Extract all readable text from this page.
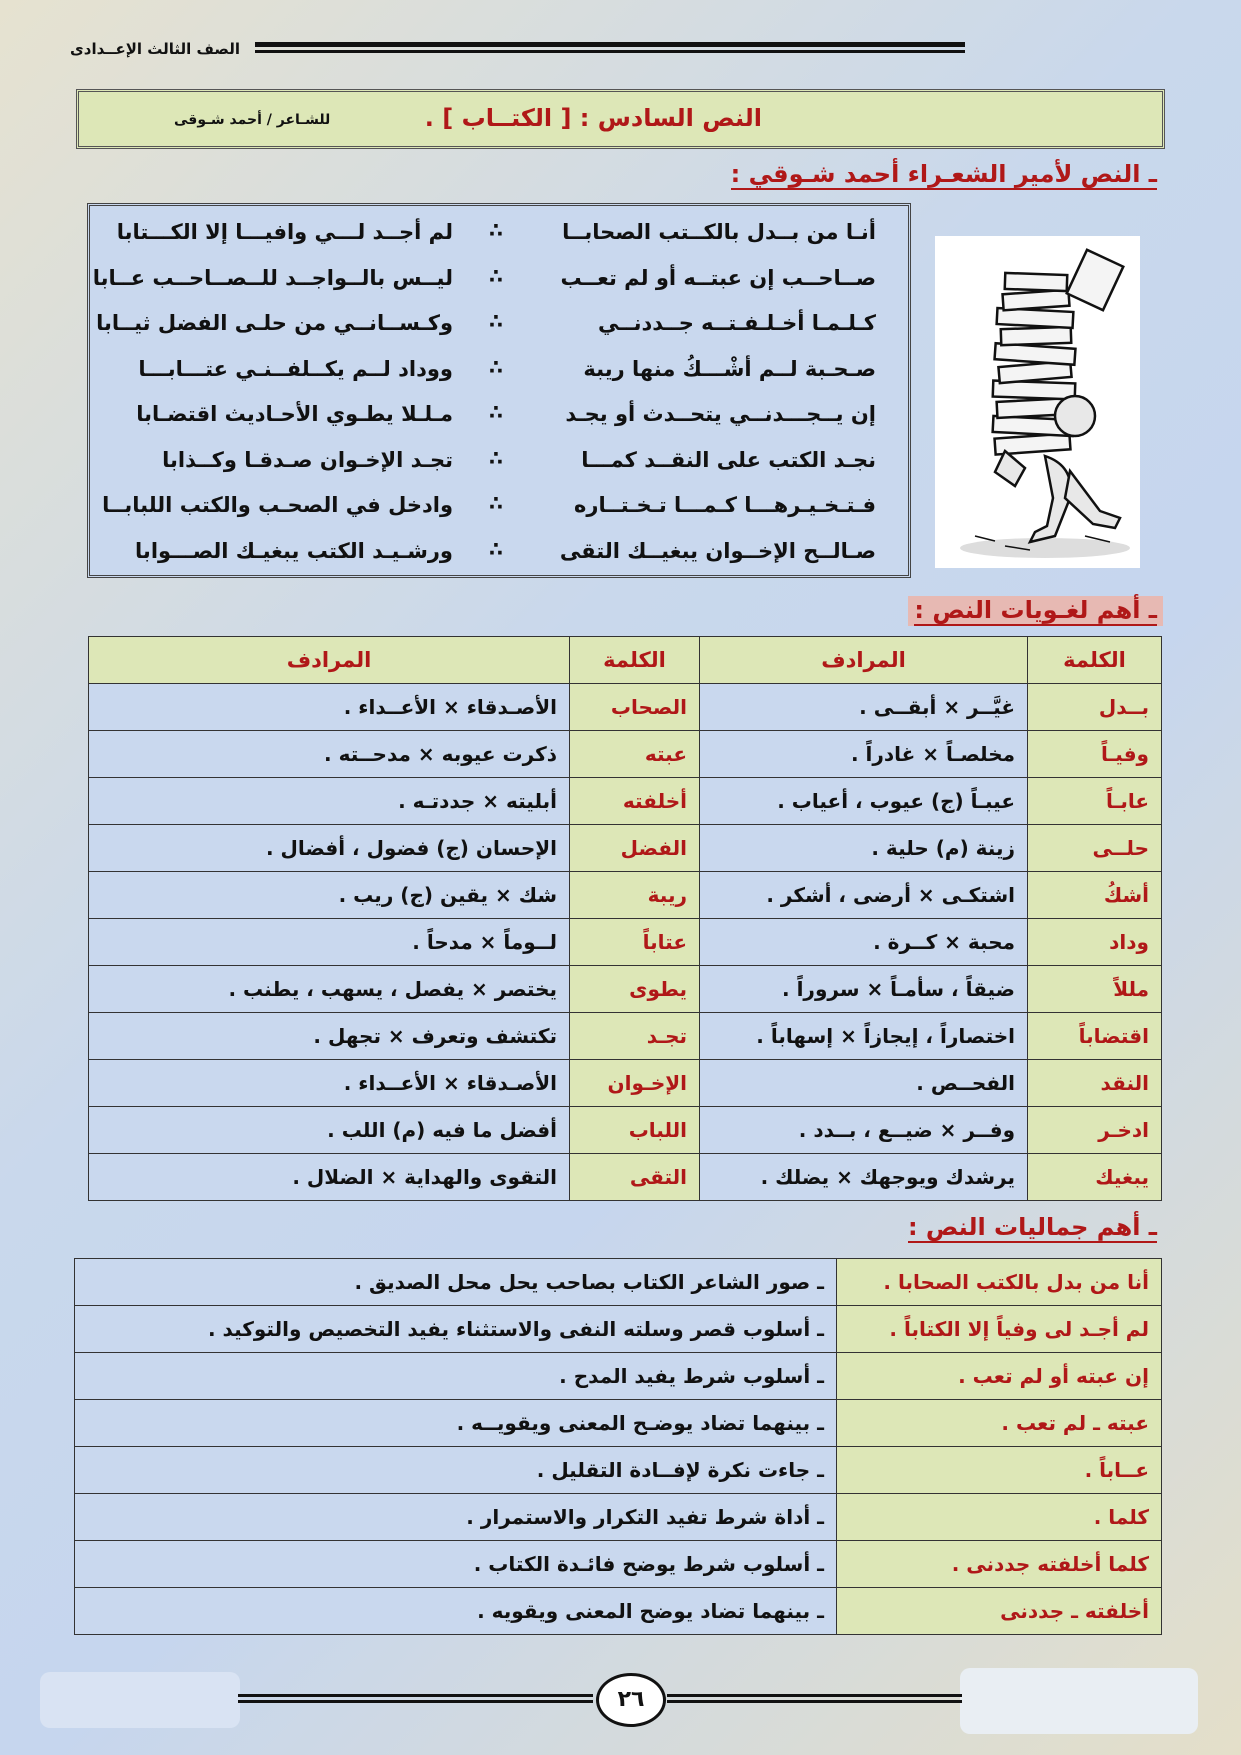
الصف الثالث الإعــدادى
النص السادس : [ الكتــاب ] .
للشـاعر / أحمد شـوقى
ـ النص لأمير الشعـراء أحمد شـوقي :
أنـا من بــدل بالكــتب الصحابــا
∴
لم أجــد لـــي وافيـــا إلا الكـــتابا
صــاحــب إن عبتــه أو لم تعــب
∴
ليــس بالــواجــد للــصــاحــب عــابا
كـلـمـا أخـلـفـتــه جــددنــي
∴
وكـســانــي من حلـى الفضل ثيــابا
صـحـبة لــم أشْـــكُ منها ريبة
∴
ووداد لــم يكــلفــنـي عتـــابـــا
إن يــجـــدنــي يتحــدث أو يجـد
∴
مـلـلا يطـوي الأحـاديث اقتضـابا
نجـد الكتب على النقــد كمـــا
∴
تجـد الإخـوان صـدقـا وكــذابا
فـتـخـيـرهـــا كـمـــا تـخـتــاره
∴
وادخل في الصحـب والكتب اللبابــا
صـالــح الإخــوان يبغيــك التقى
∴
ورشـيـد الكتب يبغيـك الصـــوابا
ـ أهم لغـويات النص :
الكلمة	المرادف	الكلمة	المرادف
بــدل	غيَّــر × أبقــى .	الصحاب	الأصـدقاء × الأعــداء .
وفيـاً	مخلصـاً × غادراً .	عبته	ذكرت عيوبه × مدحــته .
عابـاً	عيبـاً (ج) عيوب ، أعياب .	أخلفته	أبليته × جددتـه .
حلــى	زينة (م) حلية .	الفضل	الإحسان (ج) فضول ، أفضال .
أشكُ	اشتكـى × أرضى ، أشكر .	ريبة	شك × يقين (ج) ريب .
وداد	محبة × كــرة .	عتاباً	لــوماً × مدحاً .
مللاً	ضيقاً ، سأمـاً × سروراً .	يطوى	يختصر × يفصل ، يسهب ، يطنب .
اقتضاباً	اختصاراً ، إيجازاً × إسهاباً .	تجـد	تكتشف وتعرف × تجهل .
النقد	الفحــص .	الإخـوان	الأصـدقاء × الأعــداء .
ادخـر	وفــر × ضيــع ، بــدد .	اللباب	أفضل ما فيه (م) اللب .
يبغيك	يرشدك ويوجهك × يضلك .	التقى	التقوى والهداية × الضلال .
ـ أهم جماليات النص :
أنا من بدل بالكتب الصحابا .	ـ صور الشاعر الكتاب بصاحب يحل محل الصديق .
لم أجـد لى وفياً إلا الكتاباً .	ـ أسلوب قصر وسلته النفى والاستثناء يفيد التخصيص والتوكيد .
إن عبته أو لم تعب .	ـ أسلوب شرط يفيد المدح .
عبته ـ لم تعب .	ـ بينهما تضاد يوضـح المعنى ويقويــه .
عــاباً .	ـ جاءت نكرة لإفــادة التقليل .
كلما .	ـ أداة شرط تفيد التكرار والاستمرار .
كلما أخلفته جددنى .	ـ أسلوب شرط يوضح فائـدة الكتاب .
أخلفته ـ جددنى	ـ بينهما تضاد يوضح المعنى ويقويه .
٢٦
